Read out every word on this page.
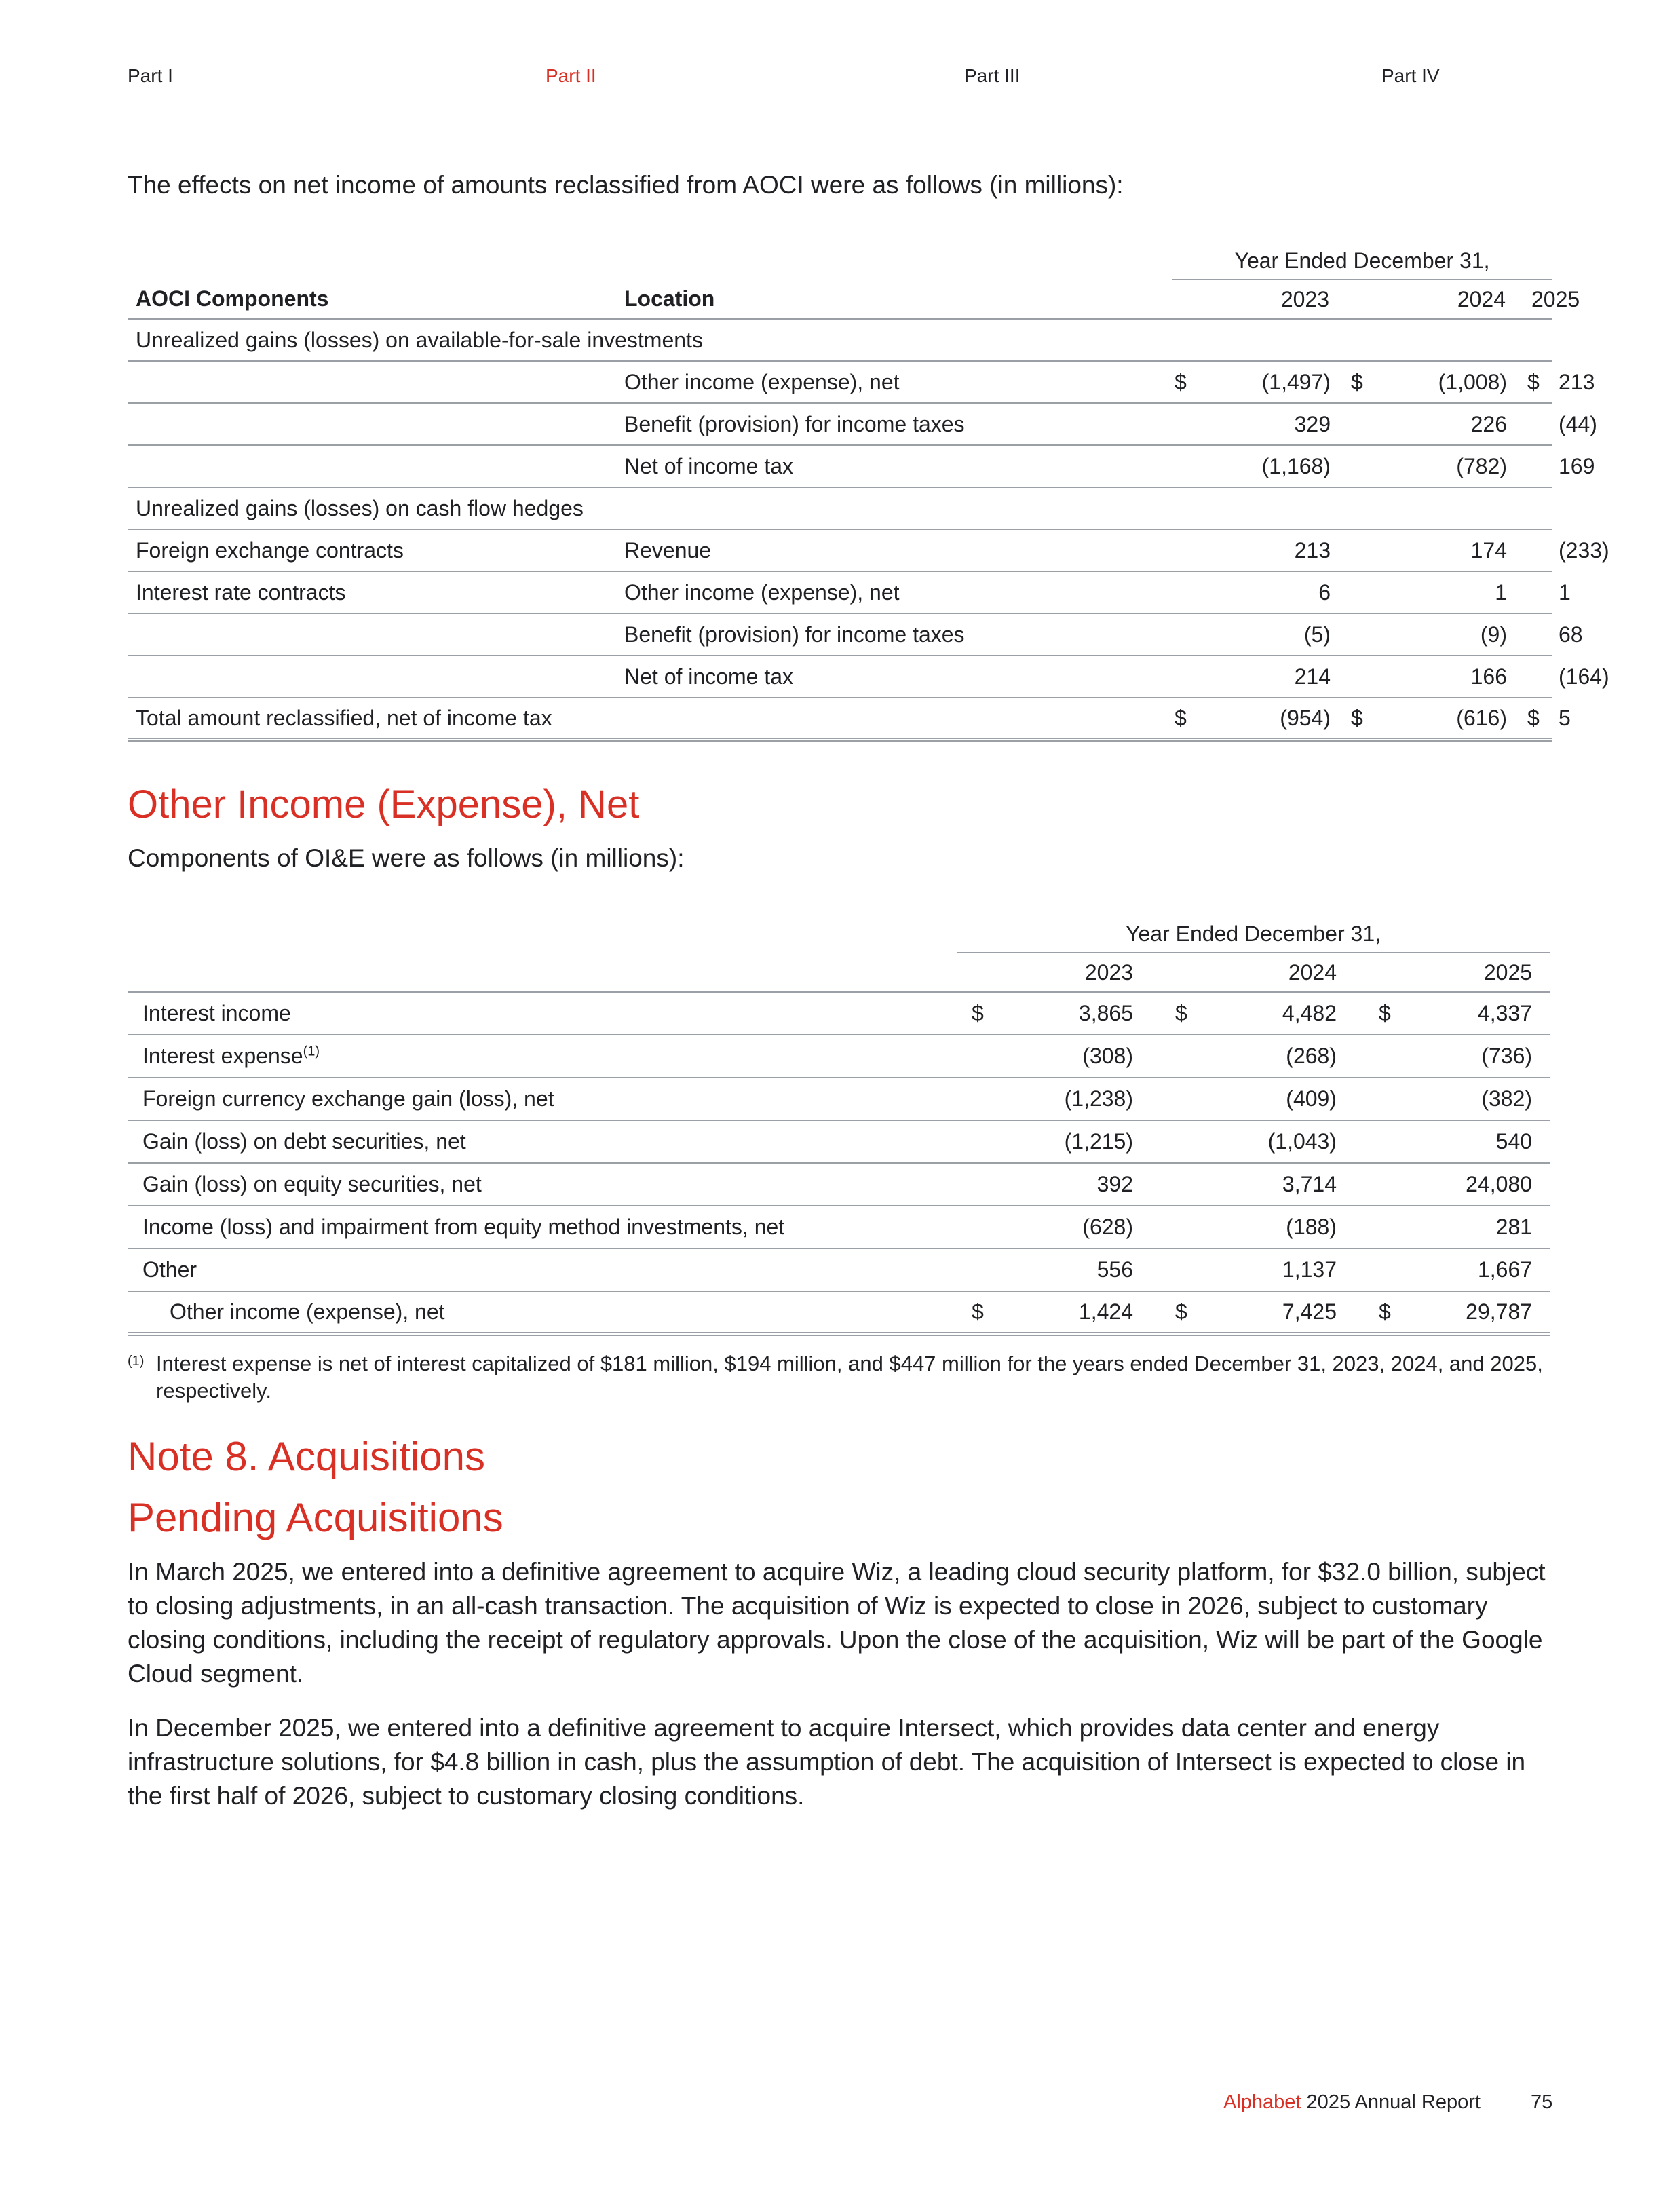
Part I	Part II	Part III	Part IV
The effects on net income of amounts reclassified from AOCI were as follows (in millions):
		Year Ended December 31,					
AOCI Components	Location	2023		2024		2025	
Unrealized gains (losses) on available-for-sale investments							
	Other income (expense), net	$	(1,497)	$	(1,008)	$	213
	Benefit (provision) for income taxes		329		226		(44)
	Net of income tax		(1,168)		(782)		169
Unrealized gains (losses) on cash flow hedges							
Foreign exchange contracts	Revenue		213		174		(233)
Interest rate contracts	Other income (expense), net		6		1		1
	Benefit (provision) for income taxes		(5)		(9)		68
	Net of income tax		214		166		(164)
Total amount reclassified, net of income tax		$	(954)	$	(616)	$	5
Other Income (Expense), Net
Components of OI&E were as follows (in millions):
	Year Ended December 31,					
	2023		2024		2025	
Interest income	$	3,865	$	4,482	$	4,337
Interest expense$^{(1)}$		(308)		(268)		(736)
Foreign currency exchange gain (loss), net		(1,238)		(409)		(382)
Gain (loss) on debt securities, net		(1,215)		(1,043)		540
Gain (loss) on equity securities, net		392		3,714		24,080
Income (loss) and impairment from equity method investments, net		(628)		(188)		281
Other		556		1,137		1,667
Other income (expense), net	$	1,424	$	7,425	$	29,787
(1) Interest expense is net of interest capitalized of $181 million, $194 million, and $447 million for the years ended December 31, 2023, 2024, and 2025, respectively.
Note 8. Acquisitions
Pending Acquisitions

In March 2025, we entered into a definitive agreement to acquire Wiz, a leading cloud security platform, for $32.0 billion, subject to closing adjustments, in an all-cash transaction. The acquisition of Wiz is expected to close in 2026, subject to customary closing conditions, including the receipt of regulatory approvals. Upon the close of the acquisition, Wiz will be part of the Google Cloud segment.

In December 2025, we entered into a definitive agreement to acquire Intersect, which provides data center and energy infrastructure solutions, for $4.8 billion in cash, plus the assumption of debt. The acquisition of Intersect is expected to close in the first half of 2026, subject to customary closing conditions.

Alphabet 2025 Annual Report	75
